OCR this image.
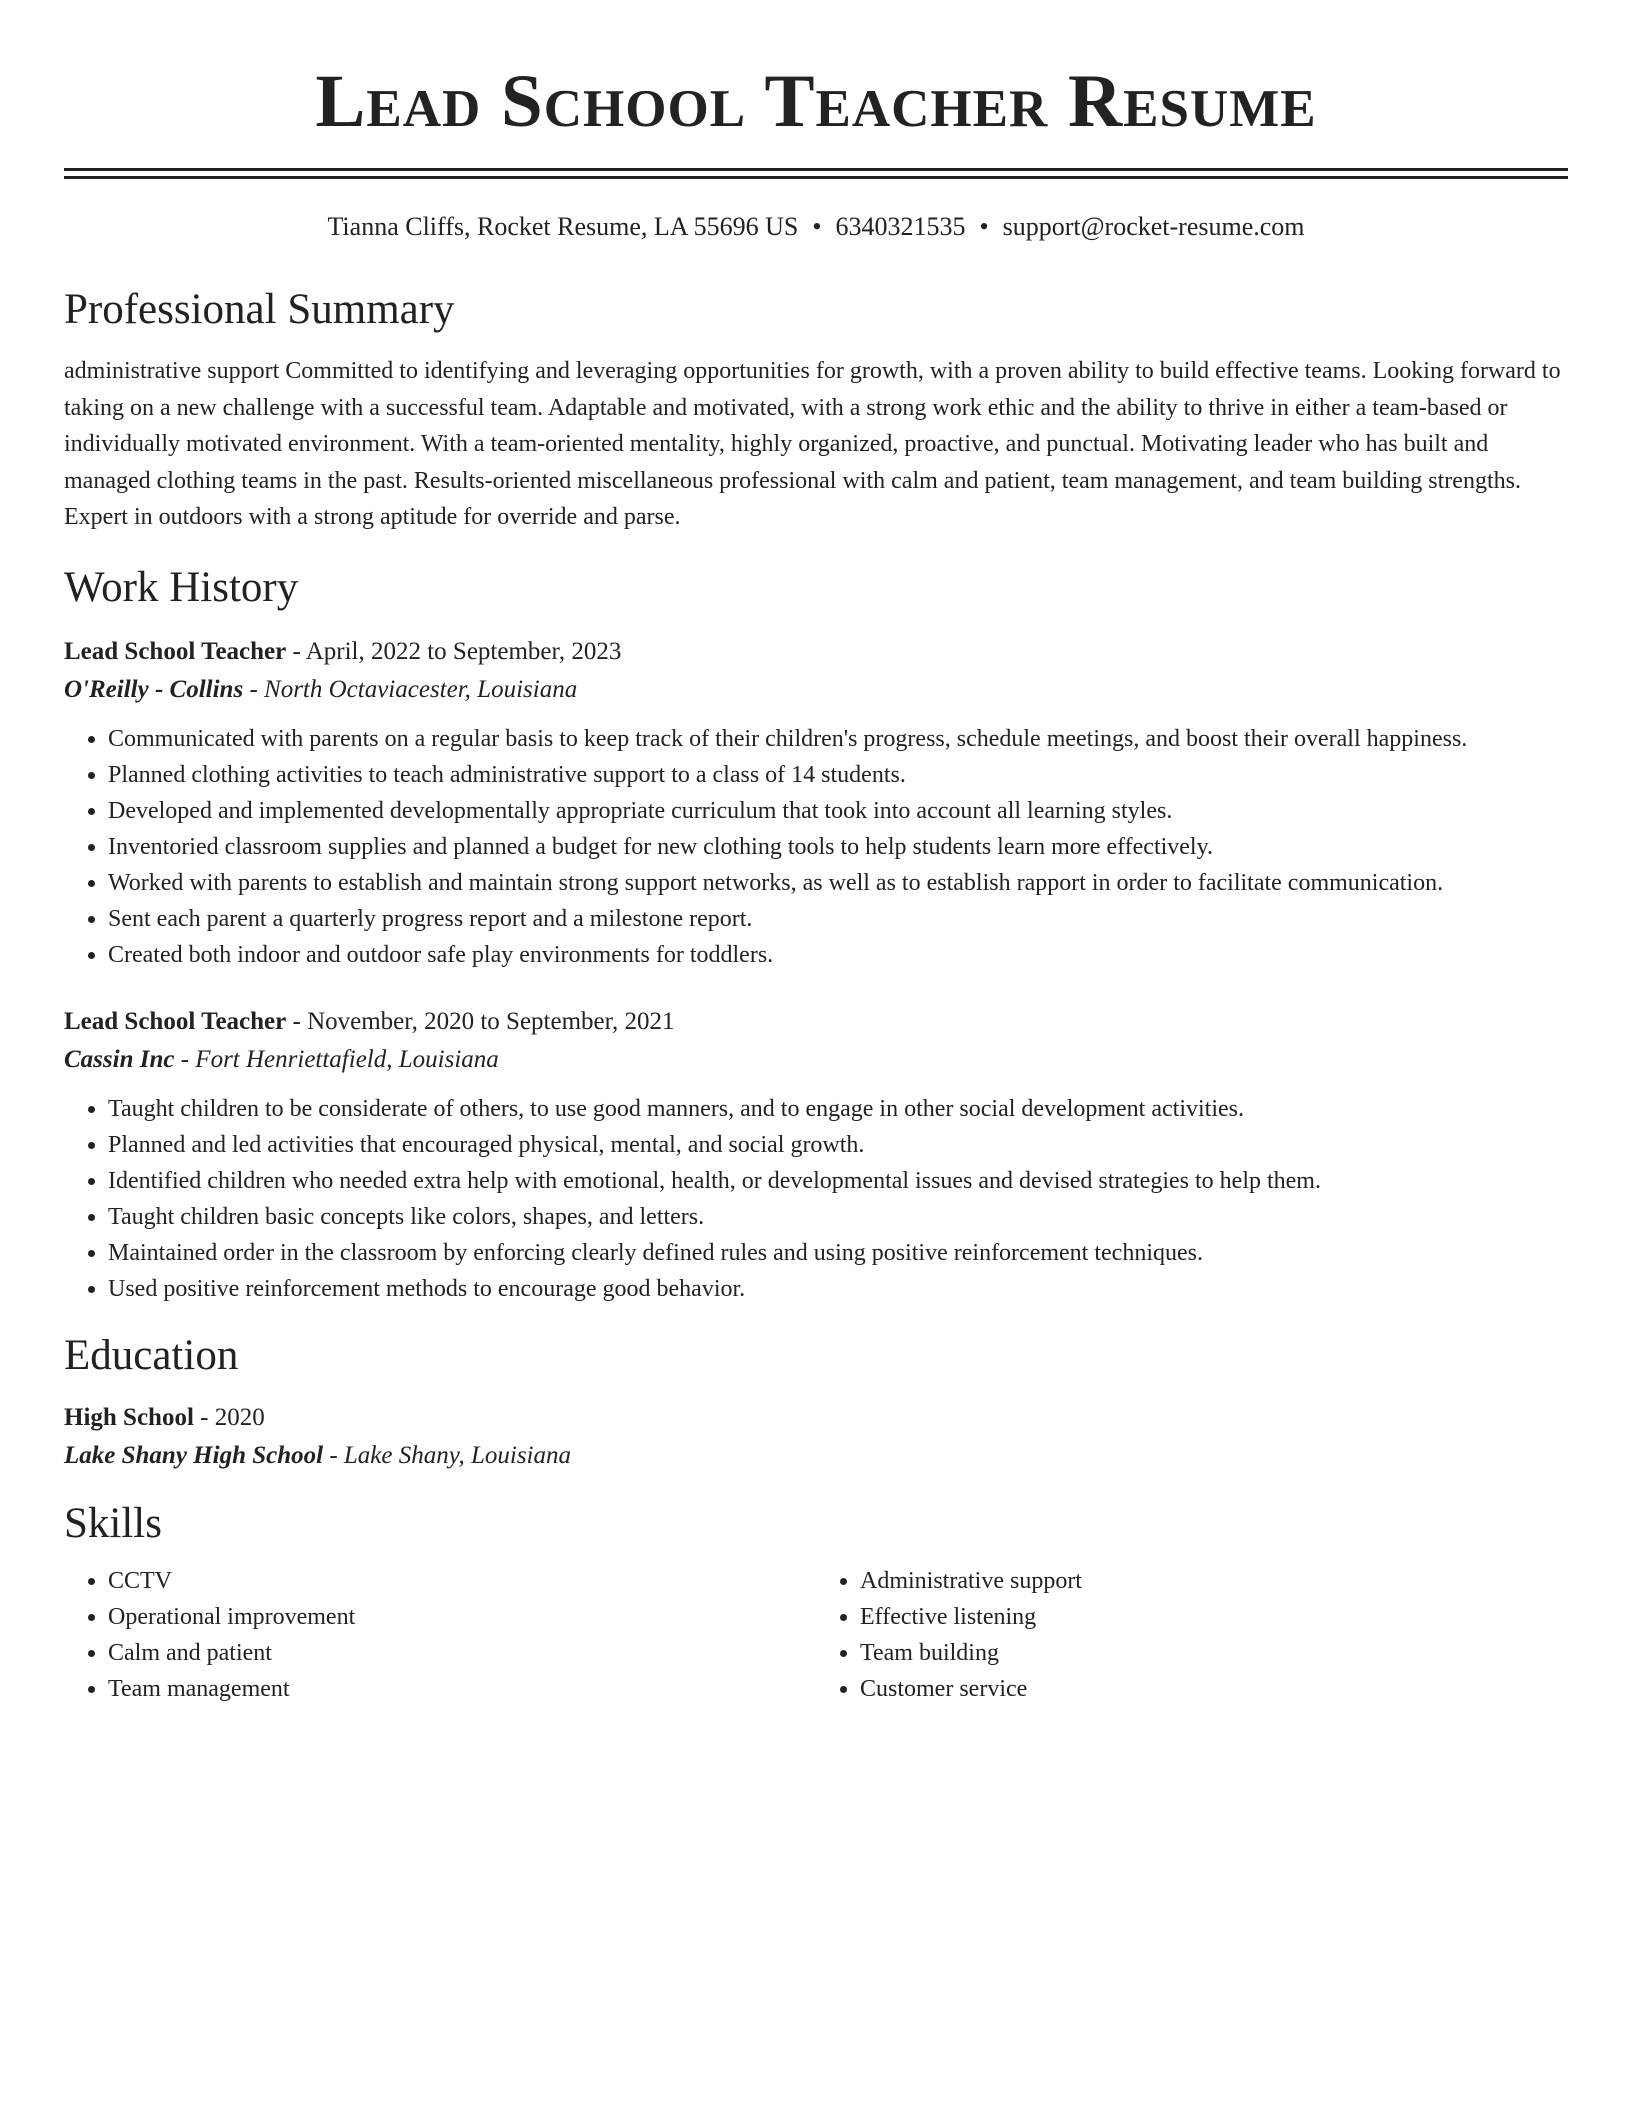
Lead School Teacher Resume
Tianna Cliffs, Rocket Resume, LA 55696 US • 6340321535 • support@rocket-resume.com
Professional Summary

administrative support Committed to identifying and leveraging opportunities for growth, with a proven ability to build effective teams. Looking forward to taking on a new challenge with a successful team. Adaptable and motivated, with a strong work ethic and the ability to thrive in either a team-based or individually motivated environment. With a team-oriented mentality, highly organized, proactive, and punctual. Motivating leader who has built and managed clothing teams in the past. Results-oriented miscellaneous professional with calm and patient, team management, and team building strengths. Expert in outdoors with a strong aptitude for override and parse.

Work History
Lead School Teacher - April, 2022 to September, 2023
O'Reilly - Collins - North Octaviacester, Louisiana
• Communicated with parents on a regular basis to keep track of their children's progress, schedule meetings, and boost their overall happiness.
• Planned clothing activities to teach administrative support to a class of 14 students.
• Developed and implemented developmentally appropriate curriculum that took into account all learning styles.
• Inventoried classroom supplies and planned a budget for new clothing tools to help students learn more effectively.
• Worked with parents to establish and maintain strong support networks, as well as to establish rapport in order to facilitate communication.
• Sent each parent a quarterly progress report and a milestone report.
• Created both indoor and outdoor safe play environments for toddlers.
Lead School Teacher - November, 2020 to September, 2021
Cassin Inc - Fort Henriettafield, Louisiana
• Taught children to be considerate of others, to use good manners, and to engage in other social development activities.
• Planned and led activities that encouraged physical, mental, and social growth.
• Identified children who needed extra help with emotional, health, or developmental issues and devised strategies to help them.
• Taught children basic concepts like colors, shapes, and letters.
• Maintained order in the classroom by enforcing clearly defined rules and using positive reinforcement techniques.
• Used positive reinforcement methods to encourage good behavior.
Education
High School - 2020
Lake Shany High School - Lake Shany, Louisiana
Skills
• CCTV
• Operational improvement
• Calm and patient
• Team management
• Administrative support
• Effective listening
• Team building
• Customer service
